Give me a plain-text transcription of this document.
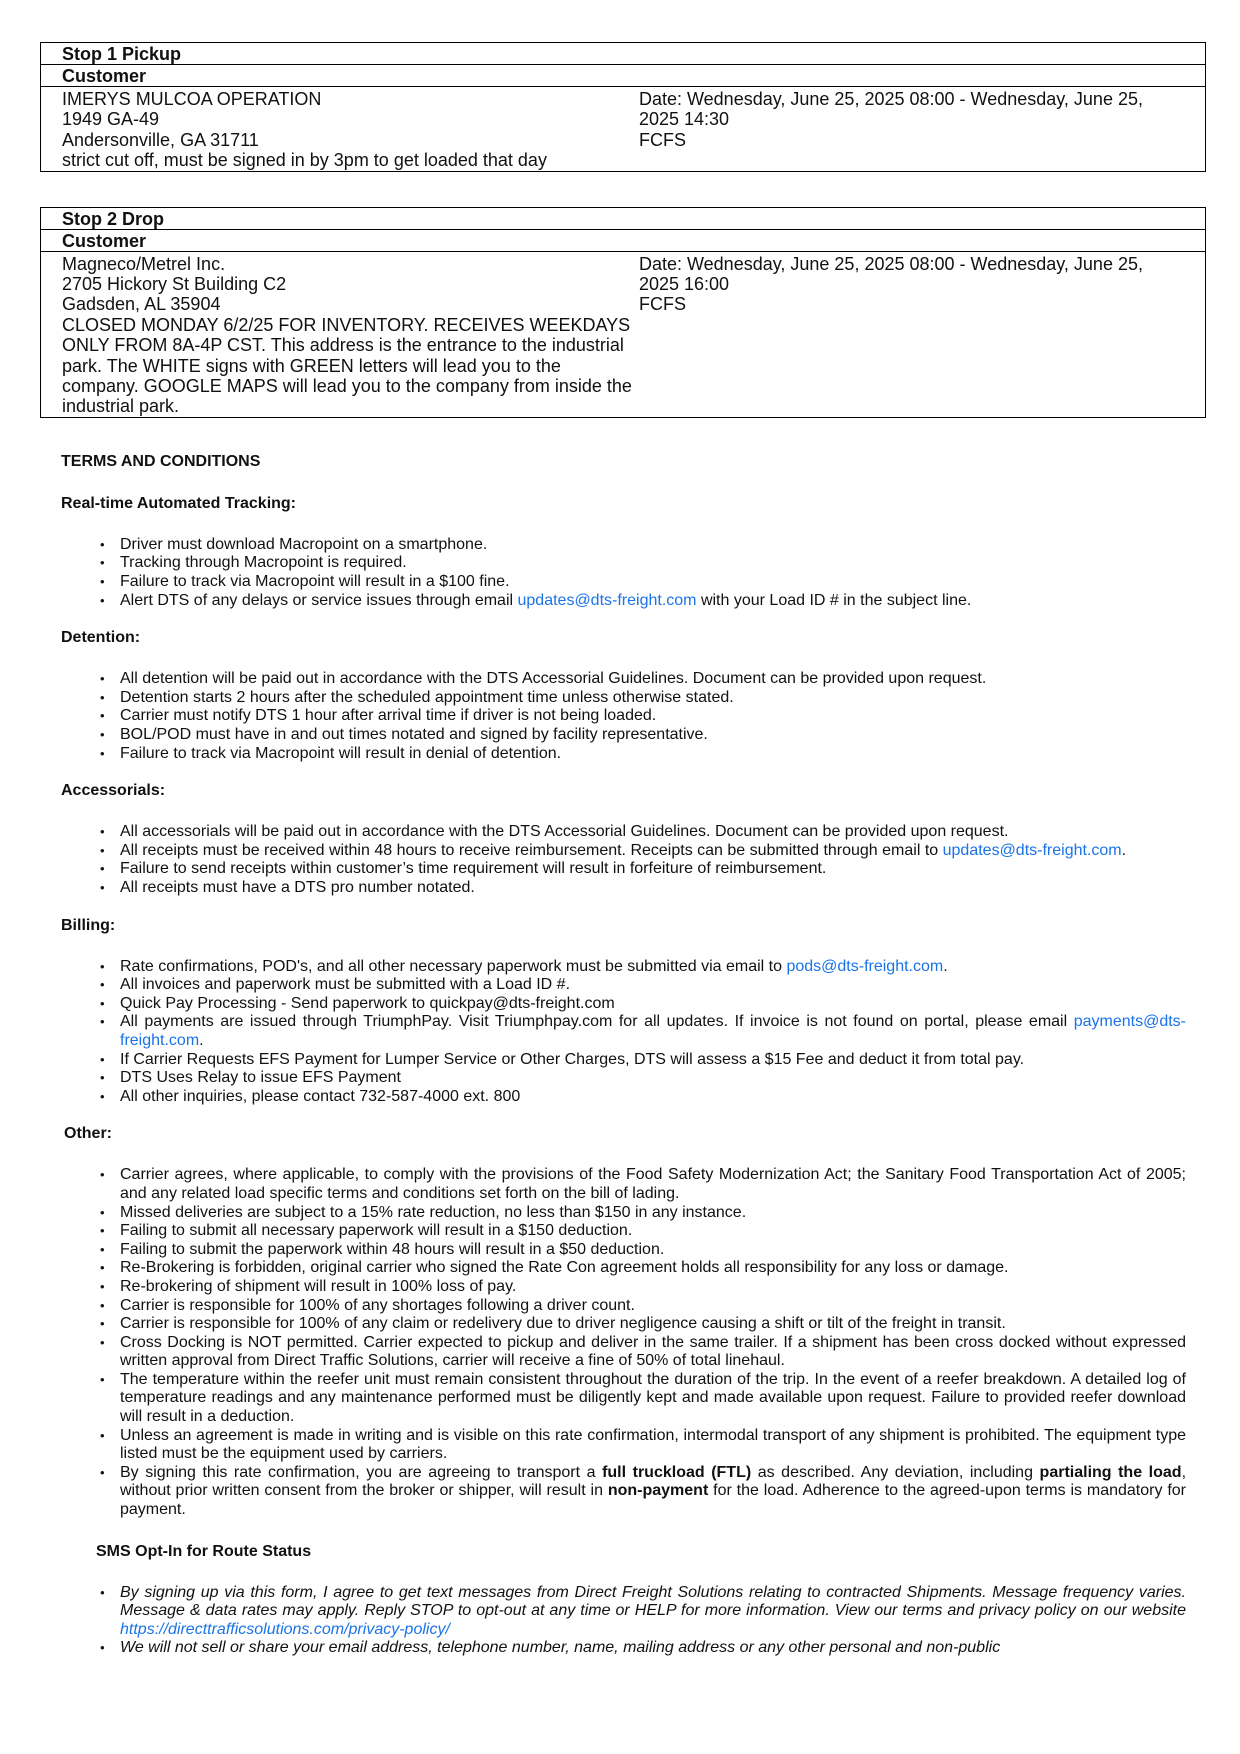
Stop 1 Pickup
Customer
IMERYS MULCOA OPERATION
1949 GA-49
Andersonville, GA 31711
strict cut off, must be signed in by 3pm to get loaded that day
Date: Wednesday, June 25, 2025 08:00 - Wednesday, June 25, 2025 14:30
FCFS
Stop 2 Drop
Customer
Magneco/Metrel Inc.
2705 Hickory St Building C2
Gadsden, AL 35904
CLOSED MONDAY 6/2/25 FOR INVENTORY. RECEIVES WEEKDAYS ONLY FROM 8A-4P CST. This address is the entrance to the industrial park. The WHITE signs with GREEN letters will lead you to the company. GOOGLE MAPS will lead you to the company from inside the industrial park.
Date: Wednesday, June 25, 2025 08:00 - Wednesday, June 25, 2025 16:00
FCFS
TERMS AND CONDITIONS
Real-time Automated Tracking:
• Driver must download Macropoint on a smartphone.
• Tracking through Macropoint is required.
• Failure to track via Macropoint will result in a $100 fine.
• Alert DTS of any delays or service issues through email updates@dts-freight.com with your Load ID # in the subject line.
Detention:
• All detention will be paid out in accordance with the DTS Accessorial Guidelines. Document can be provided upon request.
• Detention starts 2 hours after the scheduled appointment time unless otherwise stated.
• Carrier must notify DTS 1 hour after arrival time if driver is not being loaded.
• BOL/POD must have in and out times notated and signed by facility representative.
• Failure to track via Macropoint will result in denial of detention.
Accessorials:
• All accessorials will be paid out in accordance with the DTS Accessorial Guidelines. Document can be provided upon request.
• All receipts must be received within 48 hours to receive reimbursement. Receipts can be submitted through email to updates@dts-freight.com.
• Failure to send receipts within customer’s time requirement will result in forfeiture of reimbursement.
• All receipts must have a DTS pro number notated.
Billing:
• Rate confirmations, POD's, and all other necessary paperwork must be submitted via email to pods@dts-freight.com.
• All invoices and paperwork must be submitted with a Load ID #.
• Quick Pay Processing - Send paperwork to quickpay@dts-freight.com
• All payments are issued through TriumphPay. Visit Triumphpay.com for all updates. If invoice is not found on portal, please email payments@dts-freight.com.
• If Carrier Requests EFS Payment for Lumper Service or Other Charges, DTS will assess a $15 Fee and deduct it from total pay.
• DTS Uses Relay to issue EFS Payment
• All other inquiries, please contact 732-587-4000 ext. 800
Other:
• Carrier agrees, where applicable, to comply with the provisions of the Food Safety Modernization Act; the Sanitary Food Transportation Act of 2005; and any related load specific terms and conditions set forth on the bill of lading.
• Missed deliveries are subject to a 15% rate reduction, no less than $150 in any instance.
• Failing to submit all necessary paperwork will result in a $150 deduction.
• Failing to submit the paperwork within 48 hours will result in a $50 deduction.
• Re-Brokering is forbidden, original carrier who signed the Rate Con agreement holds all responsibility for any loss or damage.
• Re-brokering of shipment will result in 100% loss of pay.
• Carrier is responsible for 100% of any shortages following a driver count.
• Carrier is responsible for 100% of any claim or redelivery due to driver negligence causing a shift or tilt of the freight in transit.
• Cross Docking is NOT permitted. Carrier expected to pickup and deliver in the same trailer. If a shipment has been cross docked without expressed written approval from Direct Traffic Solutions, carrier will receive a fine of 50% of total linehaul.
• The temperature within the reefer unit must remain consistent throughout the duration of the trip. In the event of a reefer breakdown. A detailed log of temperature readings and any maintenance performed must be diligently kept and made available upon request. Failure to provided reefer download will result in a deduction.
• Unless an agreement is made in writing and is visible on this rate confirmation, intermodal transport of any shipment is prohibited. The equipment type listed must be the equipment used by carriers.
• By signing this rate confirmation, you are agreeing to transport a full truckload (FTL) as described. Any deviation, including partialing the load, without prior written consent from the broker or shipper, will result in non-payment for the load. Adherence to the agreed-upon terms is mandatory for payment.
SMS Opt-In for Route Status
• By signing up via this form, I agree to get text messages from Direct Freight Solutions relating to contracted Shipments. Message frequency varies. Message & data rates may apply. Reply STOP to opt-out at any time or HELP for more information. View our terms and privacy policy on our website https://directtrafficsolutions.com/privacy-policy/
• We will not sell or share your email address, telephone number, name, mailing address or any other personal and non-public
